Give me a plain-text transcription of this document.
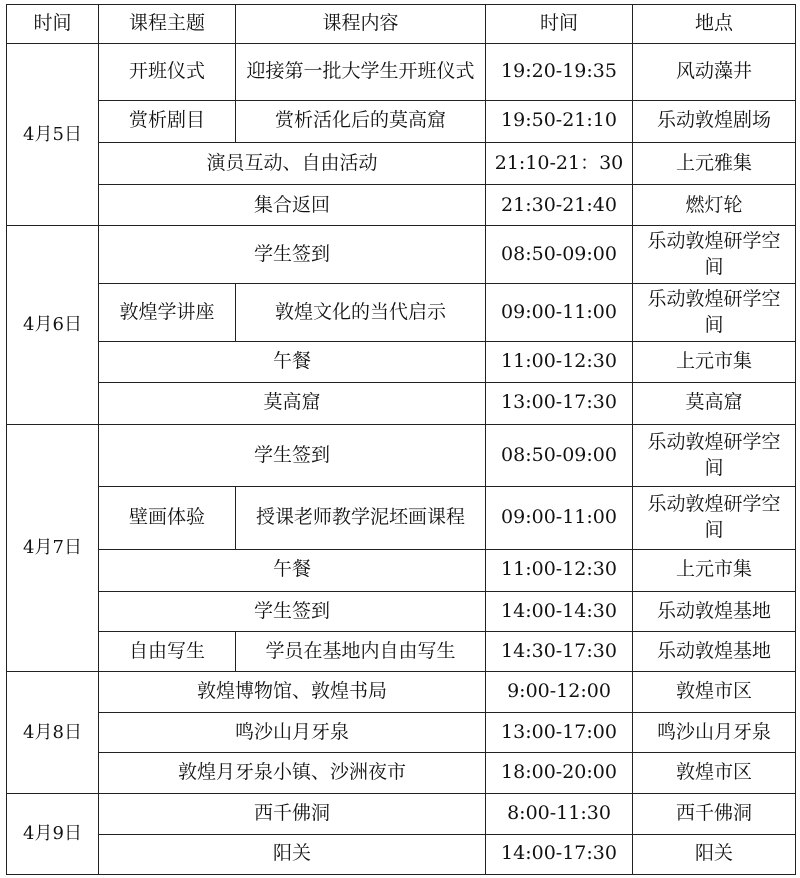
时间	课程主题	课程内容	时间	地点
4月5日	开班仪式	迎接第一批大学生开班仪式	19:20-19:35	风动藻井
	赏析剧目	赏析活化后的莫高窟	19:50-21:10	乐动敦煌剧场
	演员互动、自由活动		21:10-21：30	上元雅集
	集合返回		21:30-21:40	燃灯轮
4月6日	学生签到		08:50-09:00	乐动敦煌研学空间
	敦煌学讲座	敦煌文化的当代启示	09:00-11:00	乐动敦煌研学空间
	午餐		11:00-12:30	上元市集
	莫高窟		13:00-17:30	莫高窟
4月7日	学生签到		08:50-09:00	乐动敦煌研学空间
	壁画体验	授课老师教学泥坯画课程	09:00-11:00	乐动敦煌研学空间
	午餐		11:00-12:30	上元市集
	学生签到		14:00-14:30	乐动敦煌基地
	自由写生	学员在基地内自由写生	14:30-17:30	乐动敦煌基地
4月8日	敦煌博物馆、敦煌书局		9:00-12:00	敦煌市区
	鸣沙山月牙泉		13:00-17:00	鸣沙山月牙泉
	敦煌月牙泉小镇、沙洲夜市		18:00-20:00	敦煌市区
4月9日	西千佛洞		8:00-11:30	西千佛洞
	阳关		14:00-17:30	阳关
